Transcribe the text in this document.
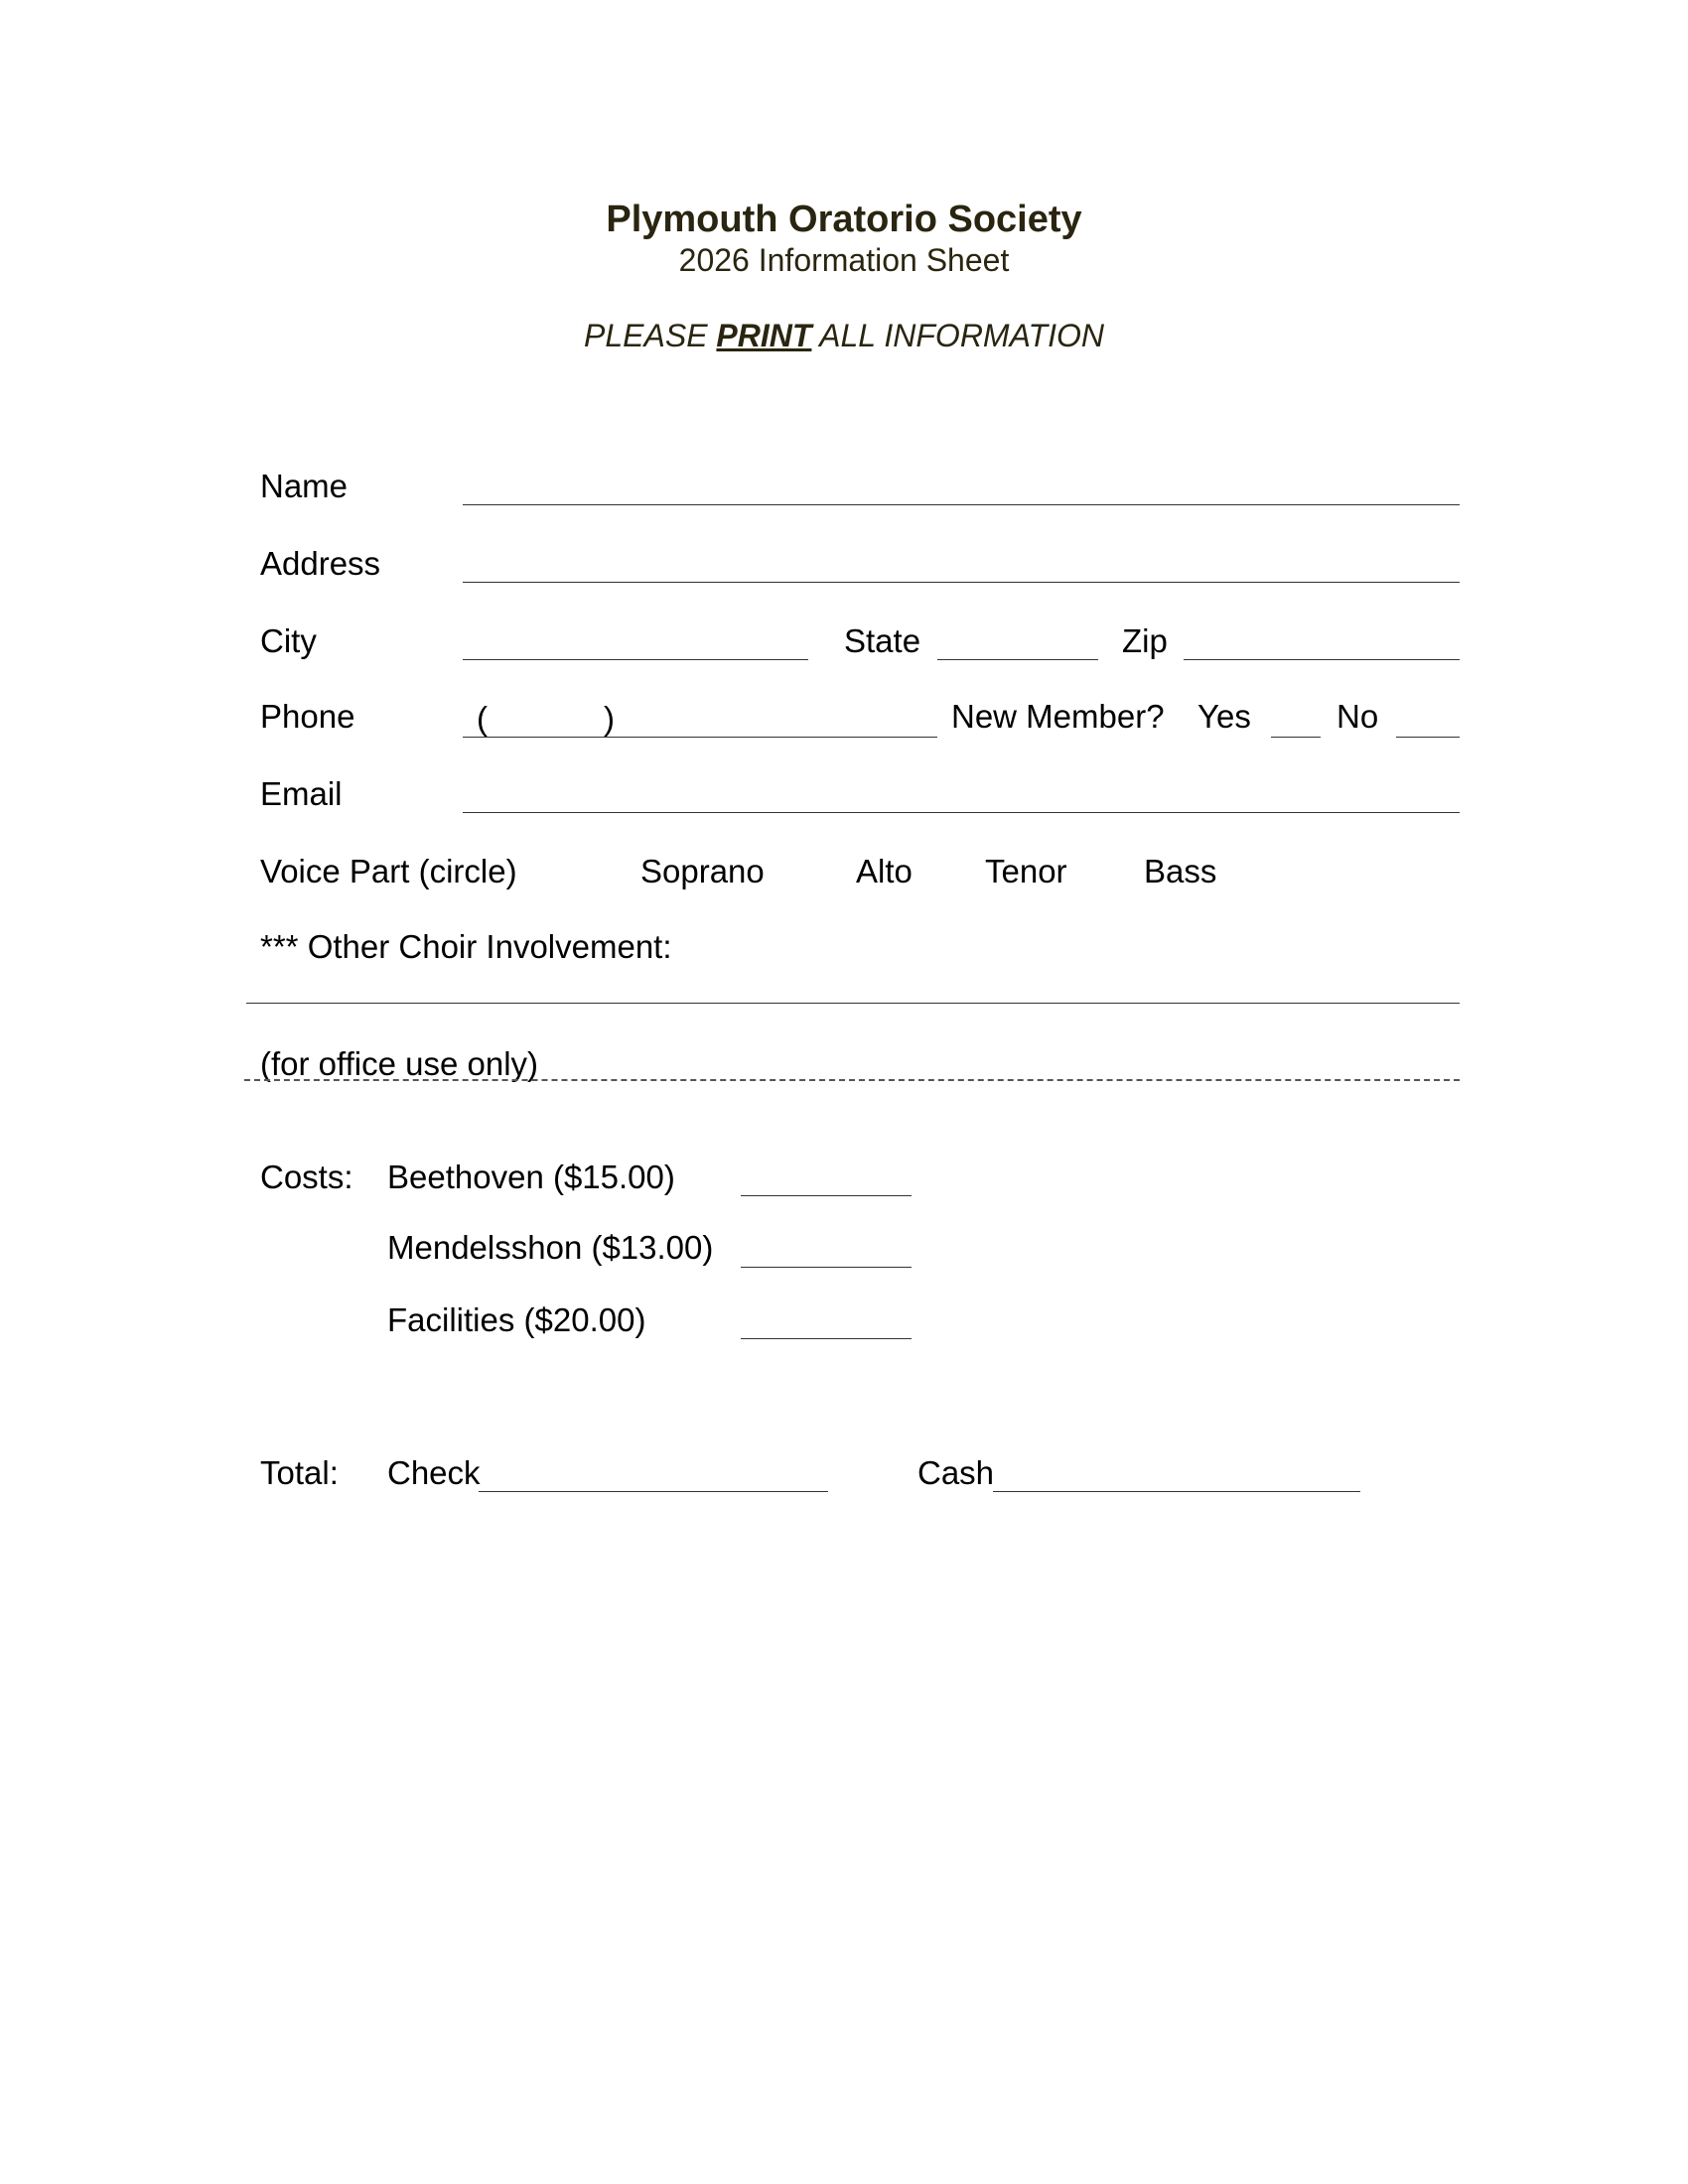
Plymouth Oratorio Society
2026 Information Sheet
PLEASE PRINT ALL INFORMATION
Name
Address
City	State	Zip
Phone	(	)	New Member? Yes	No
Email
Voice Part (circle)	Soprano	Alto Tenor Bass
*** Other Choir Involvement:
(for office use only)
Costs: Beethoven ($15.00)
Mendelsshon ($13.00)
Facilities ($20.00)
Total: Check	Cash
